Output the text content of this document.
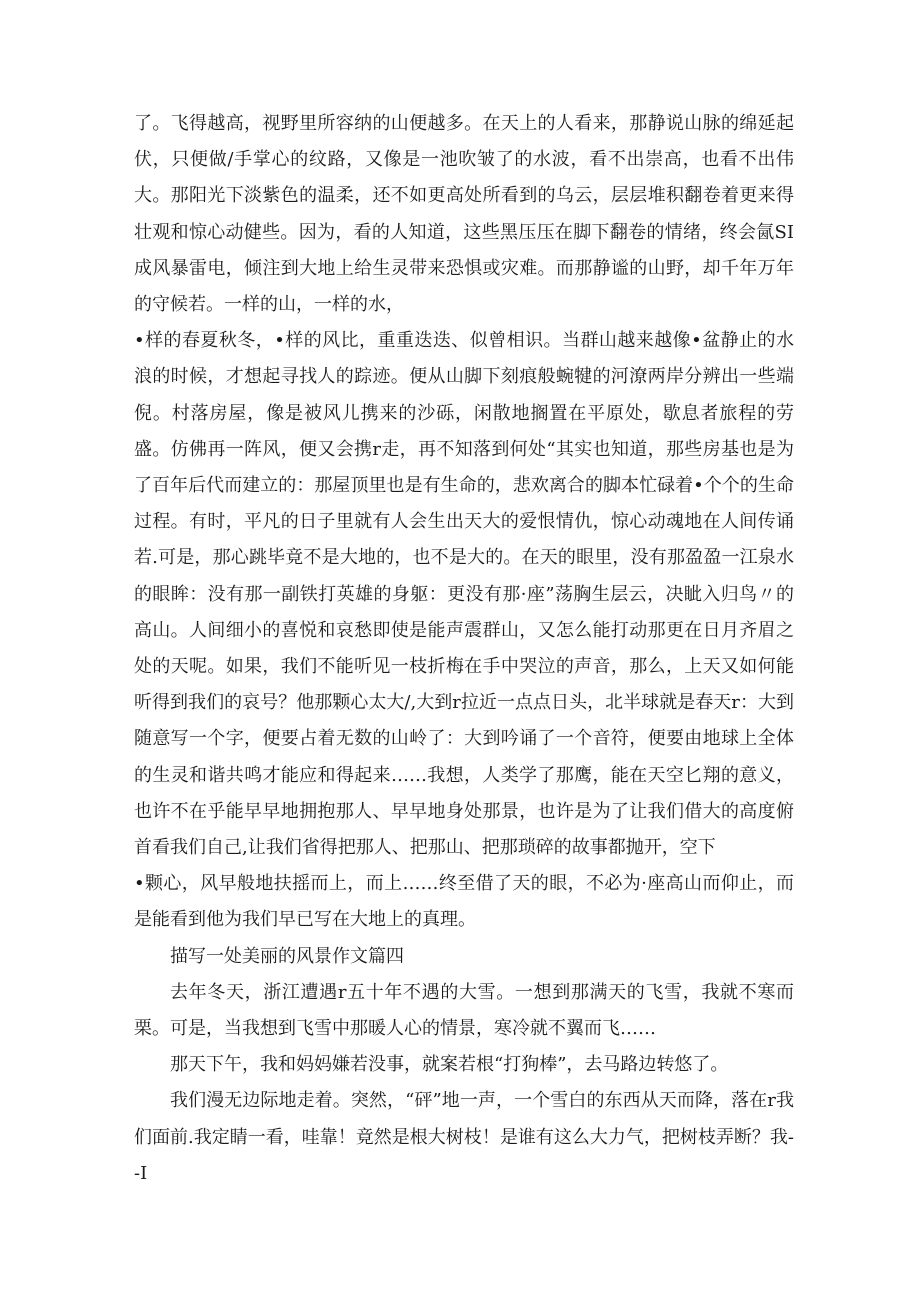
了。飞得越高，视野里所容纳的山便越多。在天上的人看来，那静说山脉的绵延起伏，只便做/手掌心的纹路，又像是一池吹皱了的水波，看不出崇高，也看不出伟大。那阳光下淡紫色的温柔，还不如更高处所看到的乌云，层层堆积翻卷着更来得壮观和惊心动健些。因为，看的人知道，这些黑压压在脚下翻卷的情绪，终会氤SI成风暴雷电，倾注到大地上给生灵带来恐惧或灾难。而那静谧的山野，却千年万年的守候若。一样的山，一样的水，

•样的春夏秋冬，•样的风比，重重迭迭、似曾相识。当群山越来越像•盆静止的水浪的时候，才想起寻找人的踪迹。便从山脚下刻痕般蜿犍的河潦两岸分辨出一些端倪。村落房屋，像是被风儿携来的沙砾，闲散地搁置在平原处，歇息者旅程的劳盛。仿佛再一阵风，便又会携r走，再不知落到何处“其实也知道，那些房基也是为了百年后代而建立的：那屋顶里也是有生命的，悲欢离合的脚本忙碌着•个个的生命过程。有时，平凡的日子里就有人会生出天大的爱恨情仇，惊心动魂地在人间传诵若.可是，那心跳毕竟不是大地的，也不是大的。在天的眼里，没有那盈盈一江泉水的眼眸：没有那一副铁打英雄的身躯：更没有那·座”荡胸生层云，决眦入归鸟〃的高山。人间细小的喜悦和哀愁即使是能声震群山，又怎么能打动那更在日月齐眉之处的天呢。如果，我们不能听见一枝折梅在手中哭泣的声音，那么，上天又如何能听得到我们的哀号？他那颗心太大/,大到r拉近一点点日头，北半球就是春天r：大到随意写一个字，便要占着无数的山岭了：大到吟诵了一个音符，便要由地球上全体的生灵和谐共鸣才能应和得起来……我想，人类学了那鹰，能在天空匕翔的意义，也许不在乎能早早地拥抱那人、早早地身处那景，也许是为了让我们借大的高度俯首看我们自己,让我们省得把那人、把那山、把那琐碎的故事都抛开，空下

•颗心，风早般地扶摇而上，而上……终至借了天的眼，不必为·座高山而仰止，而是能看到他为我们早已写在大地上的真理。

描写一处美丽的风景作文篇四

去年冬天，浙江遭遇r五十年不遇的大雪。一想到那满天的飞雪，我就不寒而栗。可是，当我想到飞雪中那暖人心的情景，寒冷就不翼而飞……

那天下午，我和妈妈嫌若没事，就案若根“打狗棒”，去马路边转悠了。

我们漫无边际地走着。突然，“砰”地一声，一个雪白的东西从天而降，落在r我们面前.我定睛一看，哇靠！竟然是根大树枝！是谁有这么大力气，把树枝弄断？我--I
